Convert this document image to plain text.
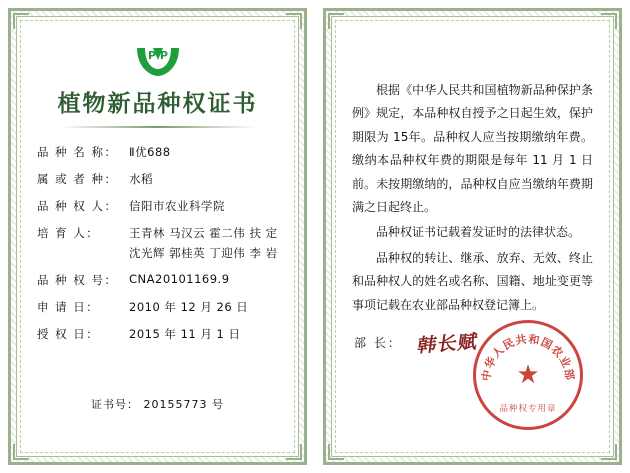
P P
植物新品种权证书
品 种 名 称：	Ⅱ优688
属 或 者 种：	水稻
品 种 权 人：	信阳市农业科学院
培 育 人：	王青林 马汉云 霍二伟 扶 定
沈光辉 郭桂英 丁迎伟 李 岩
品 种 权 号：	CNA20101169.9
申 请 日：	2010 年 12 月 26 日
授 权 日：	2015 年 11 月 1 日
证书号： 20155773 号

根据《中华人民共和国植物新品种保护条例》规定，本品种权自授予之日起生效，保护期限为 15年。品种权人应当按期缴纳年费。缴纳本品种权年费的期限是每年 11 月 1 日前。未按期缴纳的，品种权自应当缴纳年费期满之日起终止。

品种权证书记载着发证时的法律状态。

品种权的转让、继承、放弃、无效、终止和品种权人的姓名或名称、国籍、地址变更等事项记载在农业部品种权登记簿上。

部 长： 韩长赋
中华人民共和国农业部
★
品种权专用章
